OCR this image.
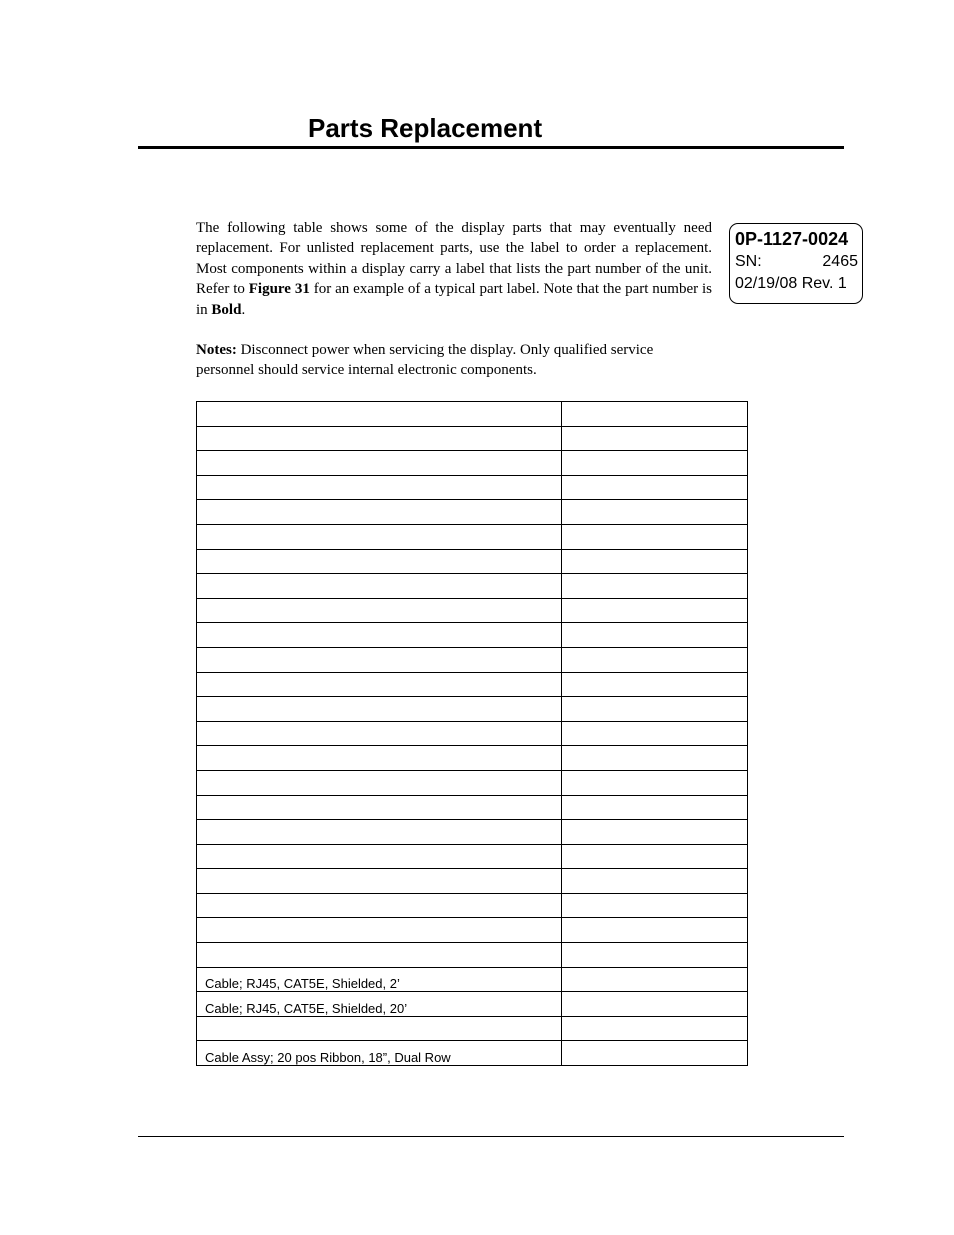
Parts Replacement

The following table shows some of the display parts that may eventually need replacement. For unlisted replacement parts, use the label to order a replacement. Most components within a display carry a label that lists the part number of the unit. Refer to Figure 31 for an example of a typical part label. Note that the part number is in Bold.

Notes: Disconnect power when servicing the display. Only qualified service personnel should service internal electronic components.

0P-1127-0024
SN:	2465
02/19/08 Rev. 1

Cable; RJ45, CAT5E, Shielded, 2’	
Cable; RJ45, CAT5E, Shielded, 20’	

Cable Assy; 20 pos Ribbon, 18”, Dual Row	
